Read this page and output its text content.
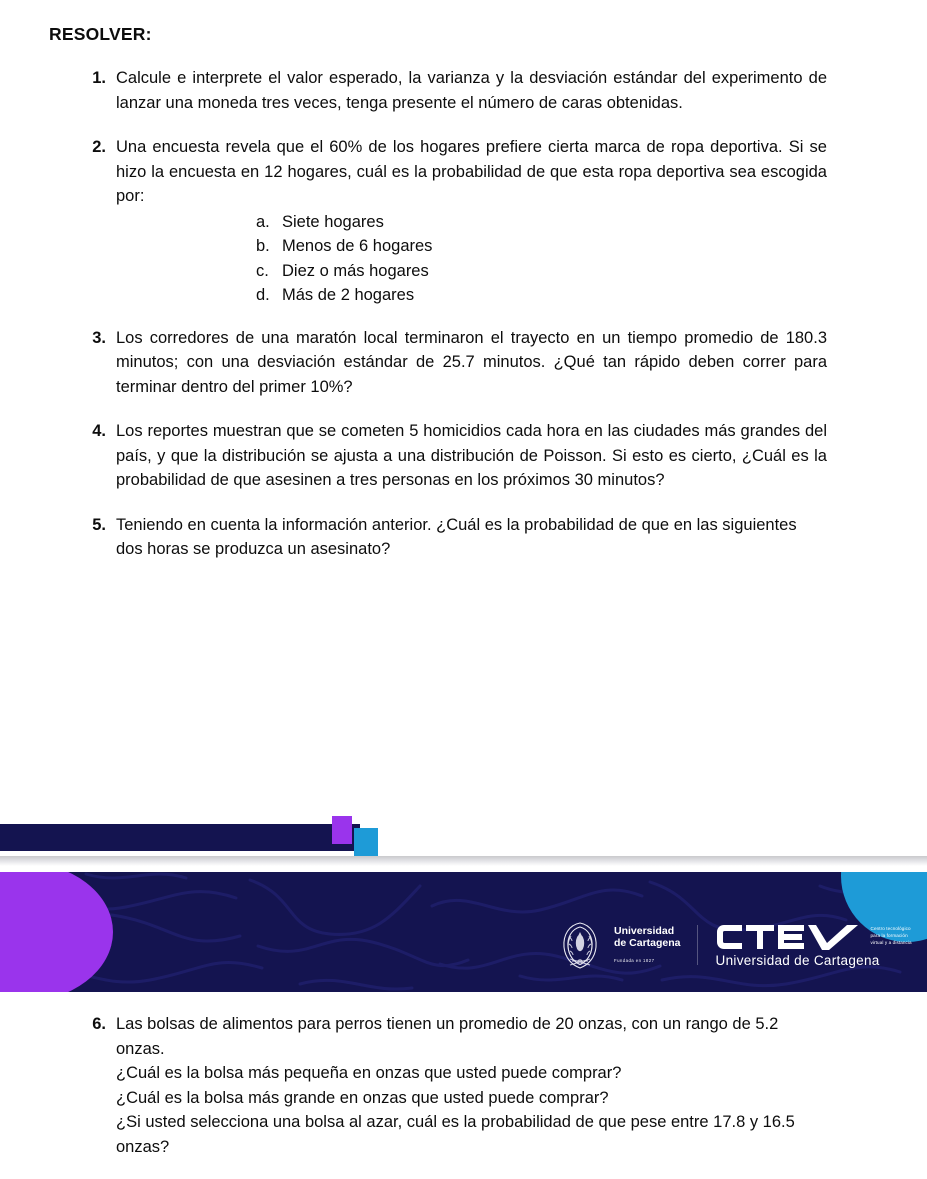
RESOLVER:
1. Calcule e interprete el valor esperado, la varianza y la desviación estándar del experimento de lanzar una moneda tres veces, tenga presente el número de caras obtenidas.
2. Una encuesta revela que el 60% de los hogares prefiere cierta marca de ropa deportiva. Si se hizo la encuesta en 12 hogares, cuál es la probabilidad de que esta ropa deportiva sea escogida por:
a. Siete hogares
b. Menos de 6 hogares
c. Diez o más hogares
d. Más de 2 hogares
3. Los corredores de una maratón local terminaron el trayecto en un tiempo promedio de 180.3 minutos; con una desviación estándar de 25.7 minutos. ¿Qué tan rápido deben correr para terminar dentro del primer 10%?
4. Los reportes muestran que se cometen 5 homicidios cada hora en las ciudades más grandes del país, y que la distribución se ajusta a una distribución de Poisson. Si esto es cierto, ¿Cuál es la probabilidad de que asesinen a tres personas en los próximos 30 minutos?
5. Teniendo en cuenta la información anterior. ¿Cuál es la probabilidad de que en las siguientes dos horas se produzca un asesinato?
Universidad
de Cartagena
Fundada en 1827
Centro tecnológico
para la formación
virtual y a distancia
Universidad de Cartagena
6. Las bolsas de alimentos para perros tienen un promedio de 20 onzas, con un rango de 5.2 onzas.
¿Cuál es la bolsa más pequeña en onzas que usted puede comprar?
¿Cuál es la bolsa más grande en onzas que usted puede comprar?
¿Si usted selecciona una bolsa al azar, cuál es la probabilidad de que pese entre 17.8 y 16.5 onzas?
